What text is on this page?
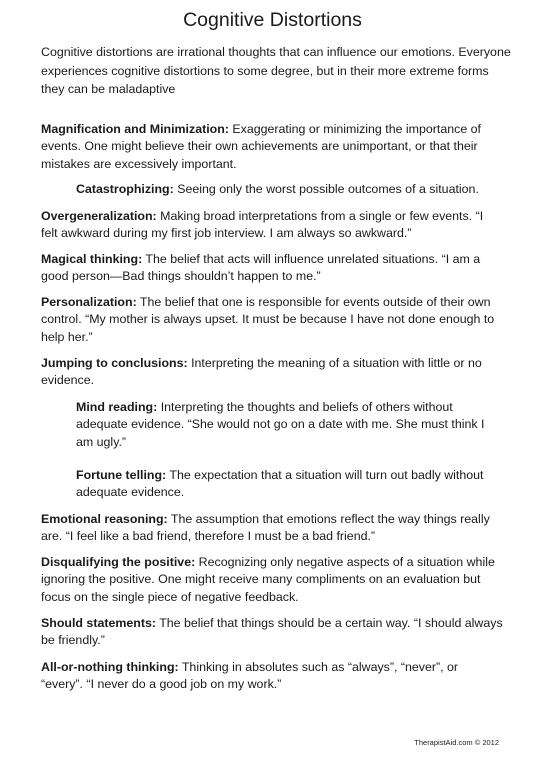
Cognitive Distortions

Cognitive distortions are irrational thoughts that can influence our emotions. Everyone experiences cognitive distortions to some degree, but in their more extreme forms they can be maladaptive

Magnification and Minimization: Exaggerating or minimizing the importance of events. One might believe their own achievements are unimportant, or that their mistakes are excessively important.

Catastrophizing: Seeing only the worst possible outcomes of a situation.

Overgeneralization: Making broad interpretations from a single or few events. “I felt awkward during my first job interview. I am always so awkward.”

Magical thinking: The belief that acts will influence unrelated situations. “I am a good person—Bad things shouldn’t happen to me.”

Personalization: The belief that one is responsible for events outside of their own control. “My mother is always upset. It must be because I have not done enough to help her.”

Jumping to conclusions: Interpreting the meaning of a situation with little or no evidence.

Mind reading: Interpreting the thoughts and beliefs of others without adequate evidence. “She would not go on a date with me. She must think I am ugly.”

Fortune telling: The expectation that a situation will turn out badly without adequate evidence.

Emotional reasoning: The assumption that emotions reflect the way things really are. “I feel like a bad friend, therefore I must be a bad friend.”

Disqualifying the positive: Recognizing only negative aspects of a situation while ignoring the positive. One might receive many compliments on an evaluation but focus on the single piece of negative feedback.

Should statements: The belief that things should be a certain way. “I should always be friendly.”

All-or-nothing thinking: Thinking in absolutes such as “always”, “never”, or “every”. “I never do a good job on my work.”

TherapistAid.com © 2012
